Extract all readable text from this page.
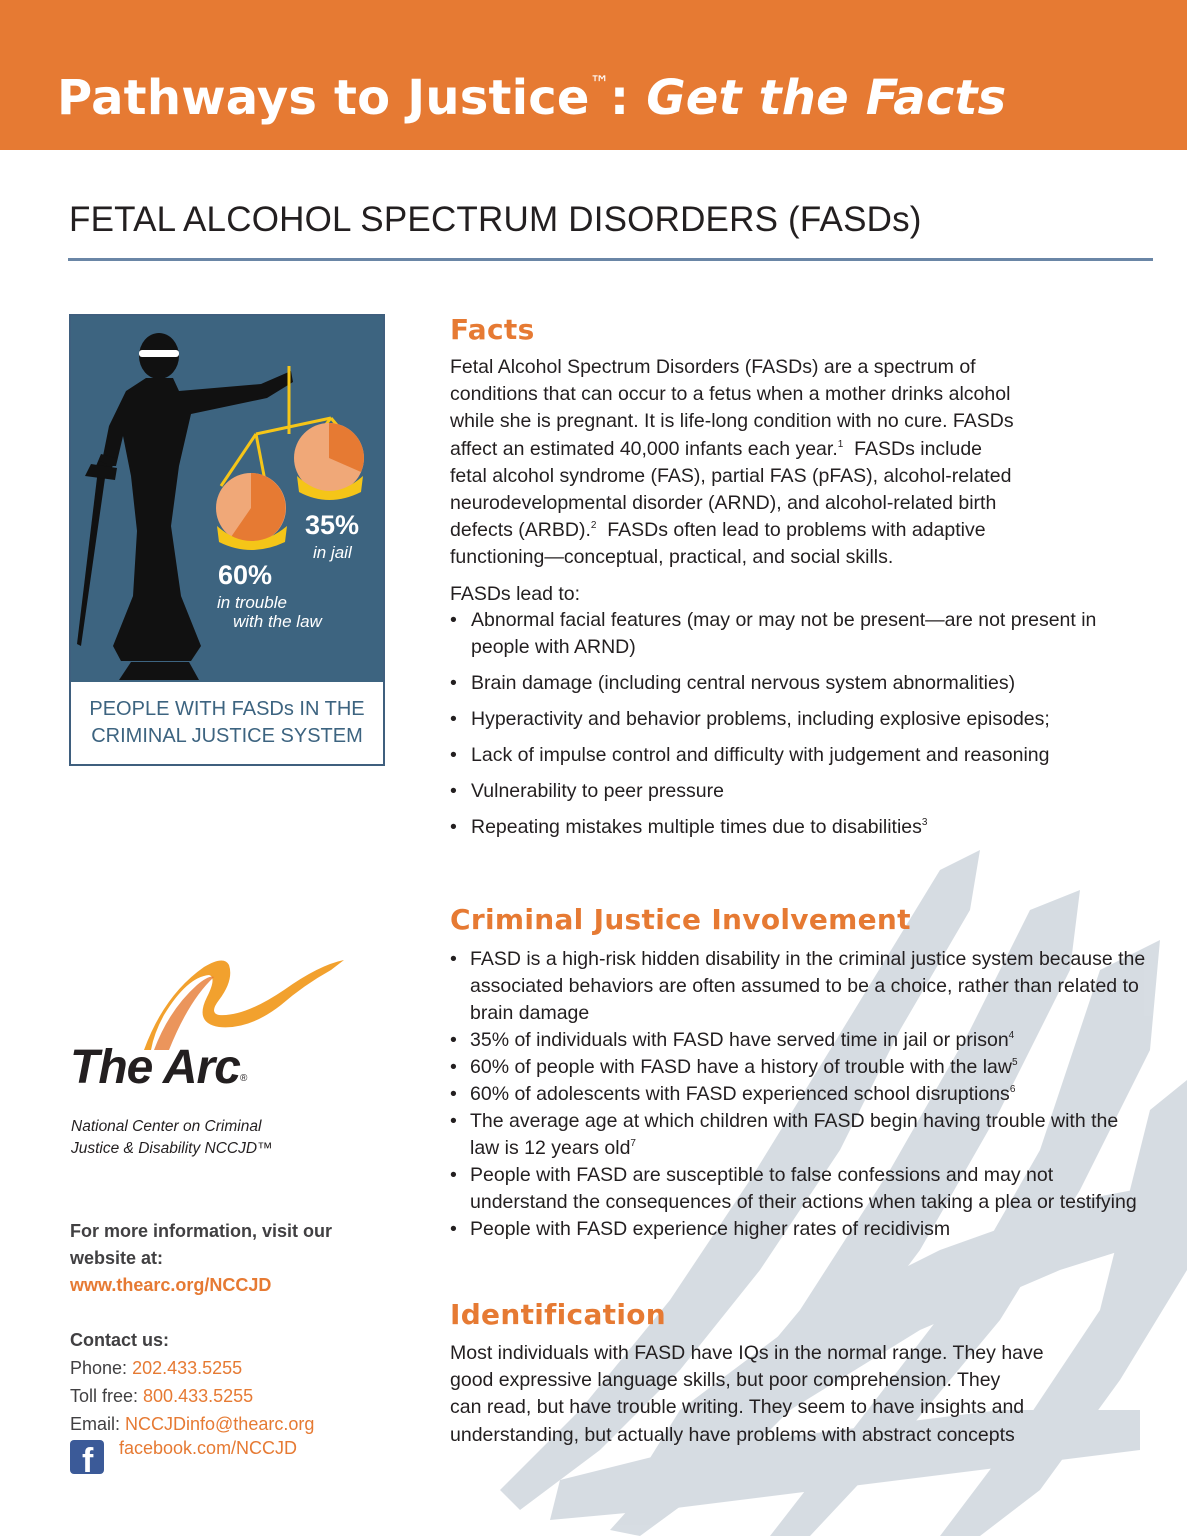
Pathways to Justice™: Get the Facts
FETAL ALCOHOL SPECTRUM DISORDERS (FASDs)
35%
in jail
60%
in trouble
with the law
PEOPLE WITH FASDs IN THE
CRIMINAL JUSTICE SYSTEM
Facts
Fetal Alcohol Spectrum Disorders (FASDs) are a spectrum of
conditions that can occur to a fetus when a mother drinks alcohol
while she is pregnant. It is life-long condition with no cure. FASDs
affect an estimated 40,000 infants each year.$^1$  FASDs include
fetal alcohol syndrome (FAS), partial FAS (pFAS), alcohol-related
neurodevelopmental disorder (ARND), and alcohol-related birth
defects (ARBD).$^2$  FASDs often lead to problems with adaptive
functioning—conceptual, practical, and social skills.
FASDs lead to:
• Abnormal facial features (may or may not be present—are not present in people with ARND)
• Brain damage (including central nervous system abnormalities)
• Hyperactivity and behavior problems, including explosive episodes;
• Lack of impulse control and difficulty with judgement and reasoning
• Vulnerability to peer pressure
• Repeating mistakes multiple times due to disabilities$^3$
Criminal Justice Involvement
• FASD is a high-risk hidden disability in the criminal justice system because the associated behaviors are often assumed to be a choice, rather than related to brain damage
• 35% of individuals with FASD have served time in jail or prison$^4$
• 60% of people with FASD have a history of trouble with the law$^5$
• 60% of adolescents with FASD experienced school disruptions$^6$
• The average age at which children with FASD begin having trouble with the law is 12 years old$^7$
• People with FASD are susceptible to false confessions and may not understand the consequences of their actions when taking a plea or testifying
• People with FASD experience higher rates of recidivism
Identification
Most individuals with FASD have IQs in the normal range. They have
good expressive language skills, but poor comprehension. They
can read, but have trouble writing. They seem to have insights and
understanding, but actually have problems with abstract concepts
The Arc®
National Center on Criminal
Justice & Disability NCCJD™
For more information, visit our
website at:
www.thearc.org/NCCJD
Contact us:
Phone: 202.433.5255
Toll free: 800.433.5255
Email: NCCJDinfo@thearc.org
f facebook.com/NCCJD
